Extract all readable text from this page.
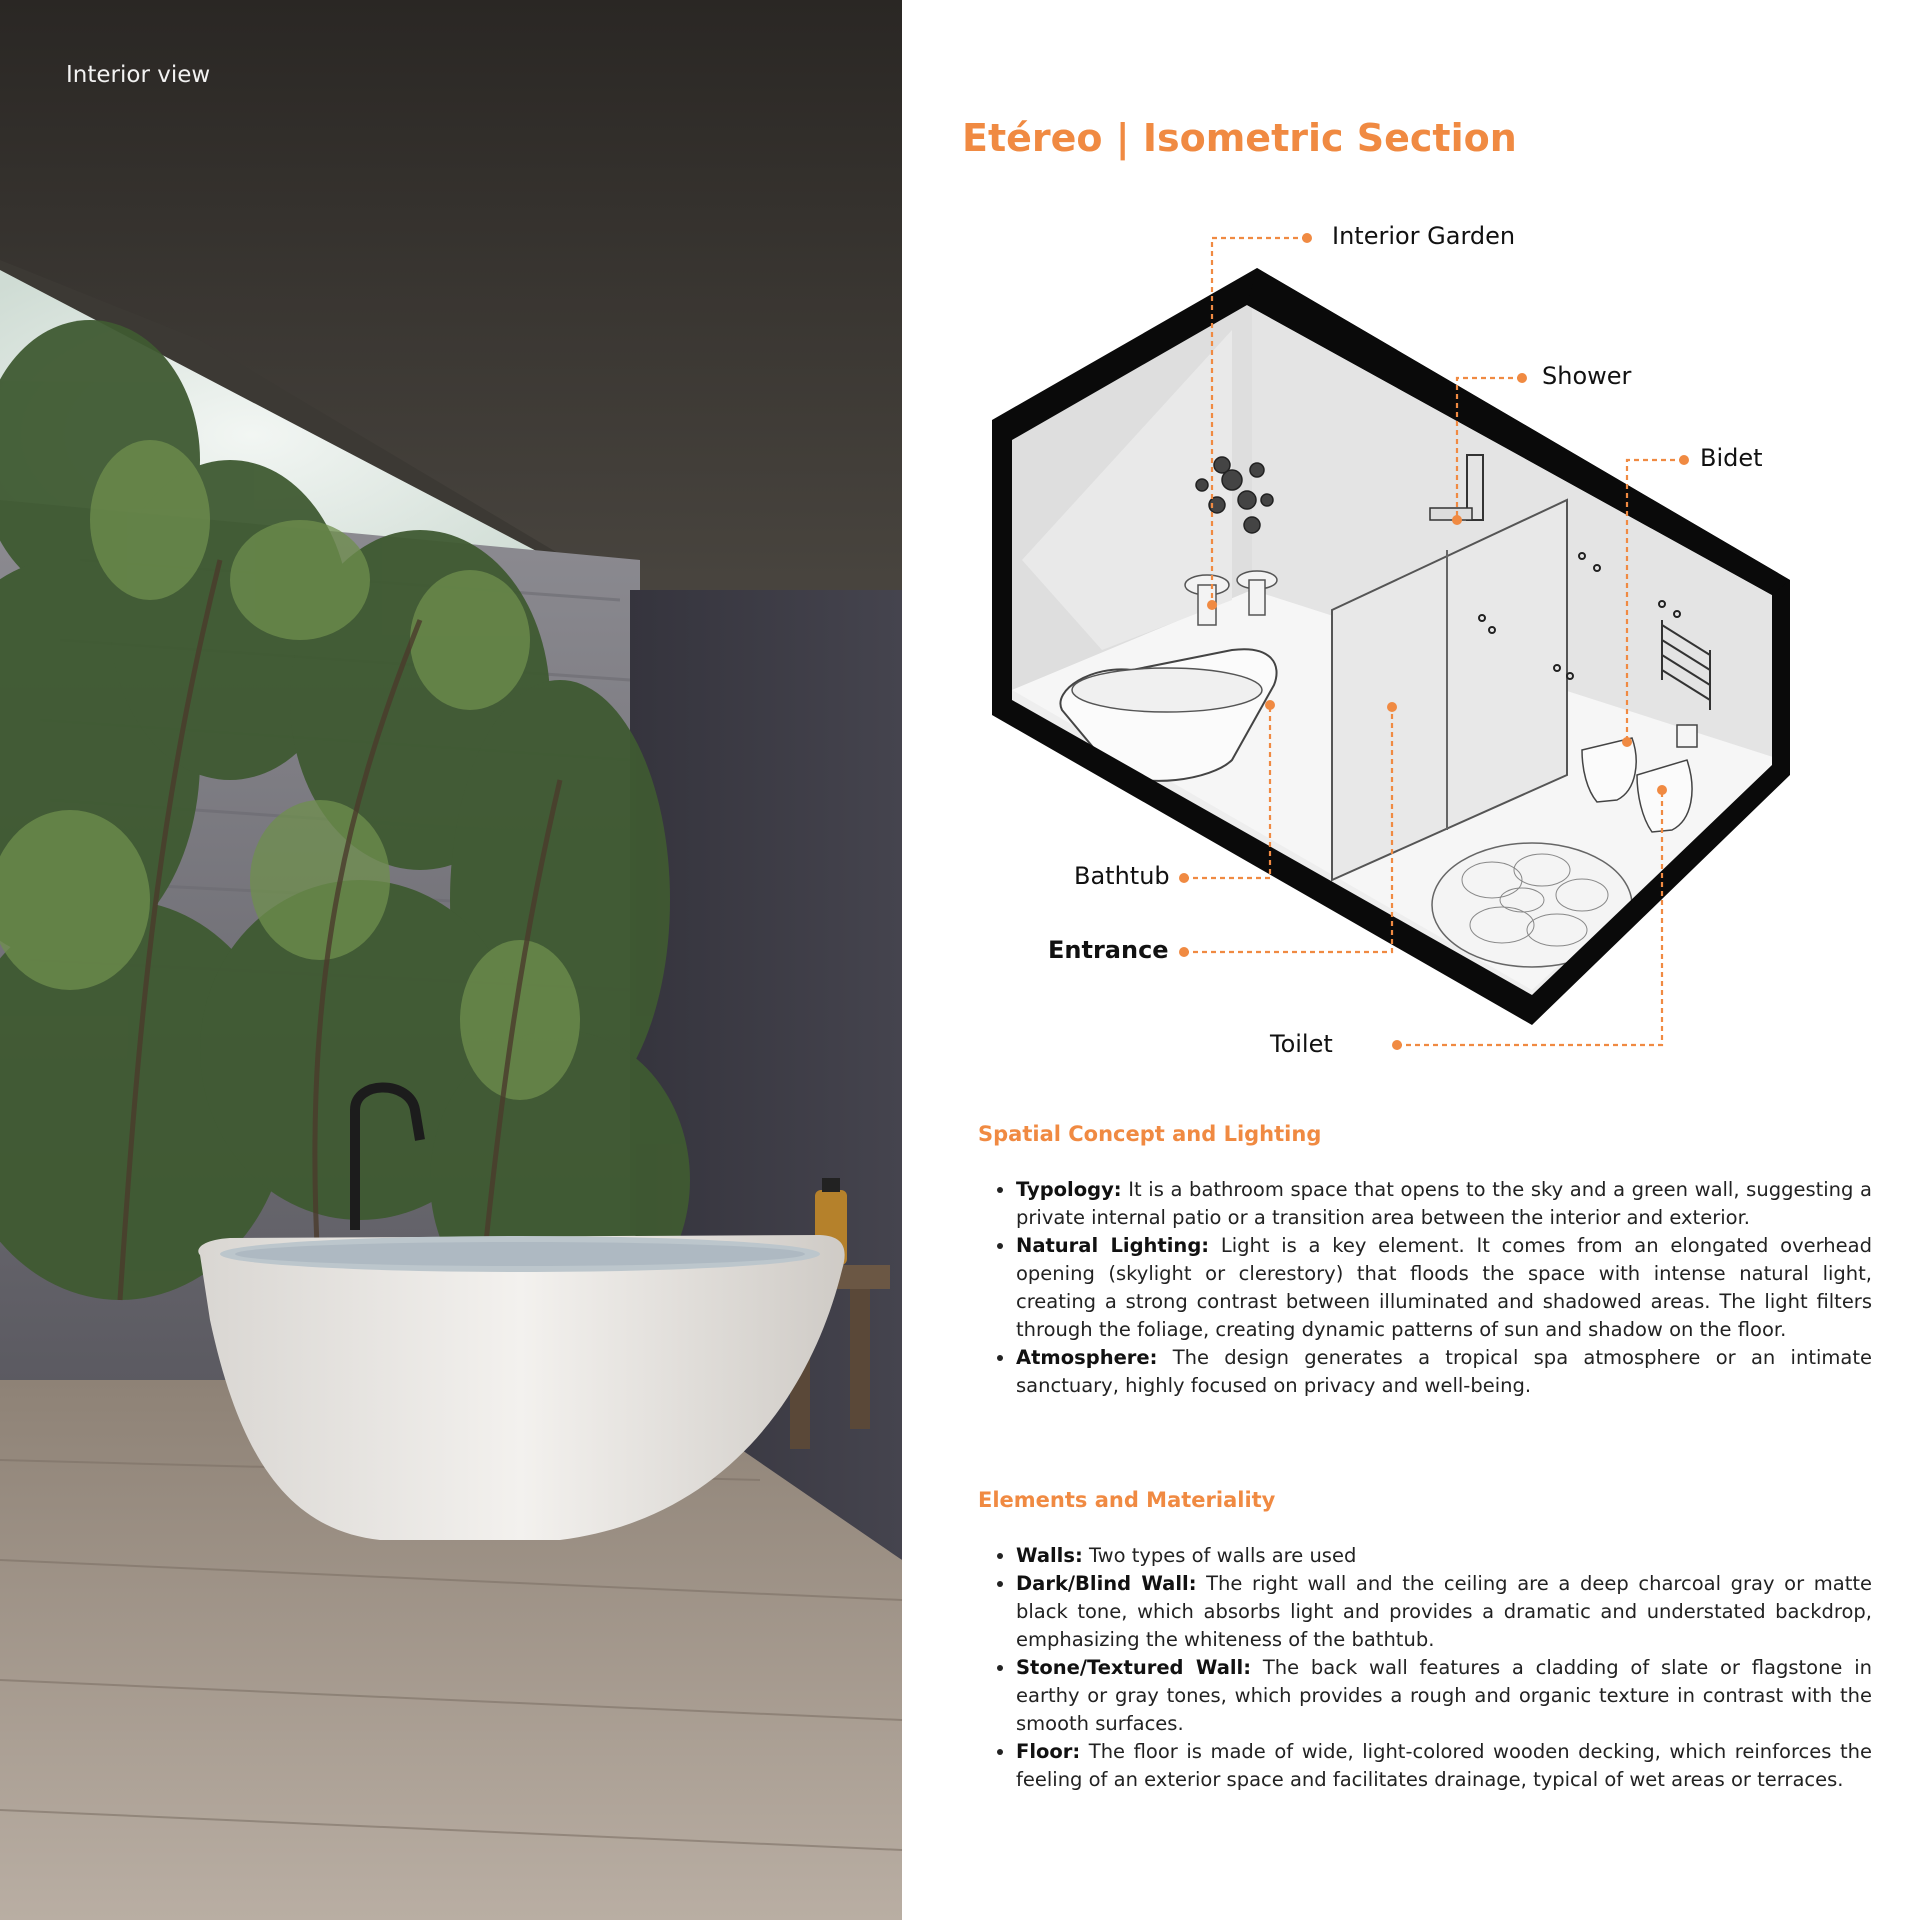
Interior view
Etéreo | Isometric Section
Interior Garden
Shower
Bidet
Bathtub
Entrance
Toilet
Spatial Concept and Lighting
• Typology: It is a bathroom space that opens to the sky and a green wall, suggesting a private internal patio or a transition area between the interior and exterior.
• Natural Lighting: Light is a key element. It comes from an elongated overhead opening (skylight or clerestory) that floods the space with intense natural light, creating a strong contrast between illuminated and shadowed areas. The light filters through the foliage, creating dynamic patterns of sun and shadow on the floor.
• Atmosphere: The design generates a tropical spa atmosphere or an intimate sanctuary, highly focused on privacy and well-being.
Elements and Materiality
• Walls: Two types of walls are used
• Dark/Blind Wall: The right wall and the ceiling are a deep charcoal gray or matte black tone, which absorbs light and provides a dramatic and understated backdrop, emphasizing the whiteness of the bathtub.
• Stone/Textured Wall: The back wall features a cladding of slate or flagstone in earthy or gray tones, which provides a rough and organic texture in contrast with the smooth surfaces.
• Floor: The floor is made of wide, light-colored wooden decking, which reinforces the feeling of an exterior space and facilitates drainage, typical of wet areas or terraces.
